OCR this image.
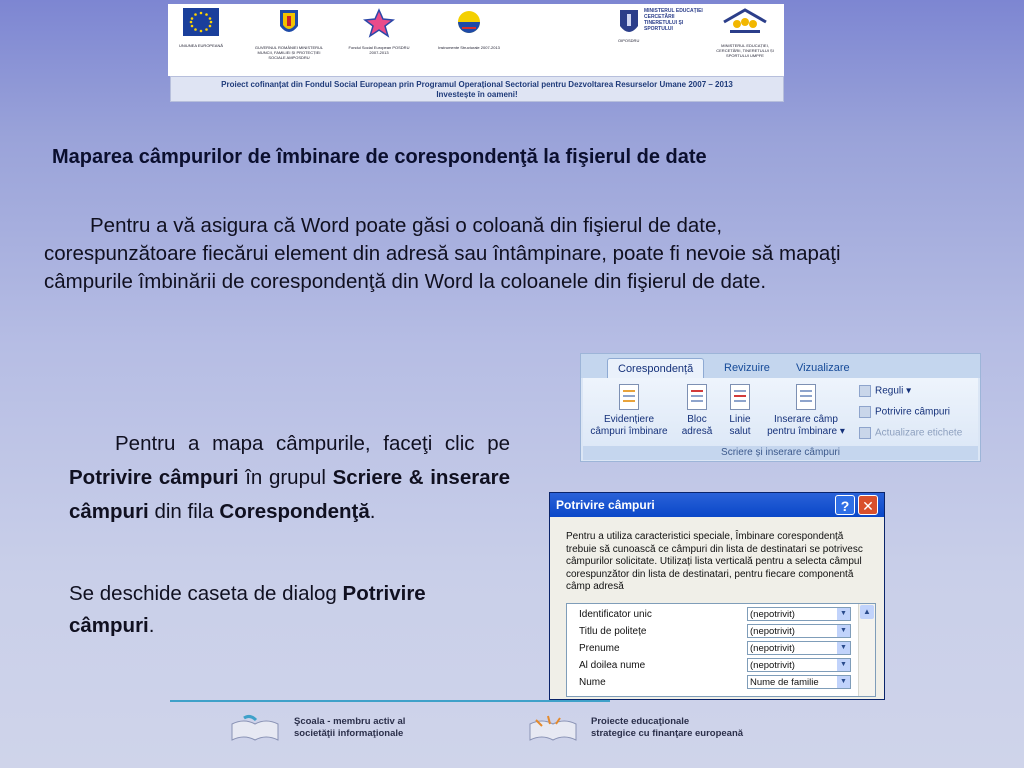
UNIUNEA EUROPEANĂ	GUVERNUL ROMÂNIEI MINISTERUL MUNCII, FAMILIEI ȘI PROTECȚIEI SOCIALE AMPOSDRU
Fondul Social European POSDRU 2007-2013
Instrumente Structurale 2007-2013
MINISTERUL EDUCAȚIEI CERCETĂRII TINERETULUI ȘI SPORTULUI
OIPOSDRU
MINISTERUL EDUCAȚIEI, CERCETĂRII, TINERETULUI ȘI SPORTULUI UMPFE
Proiect cofinanțat din Fondul Social European prin Programul Operațional Sectorial pentru Dezvoltarea Resurselor Umane 2007 – 2013
Investește în oameni!
Maparea câmpurilor de îmbinare de corespondenţă la fişierul de date
Pentru a vă asigura că Word poate găsi o coloană din fişierul de date, corespunzătoare fiecărui element din adresă sau întâmpinare, poate fi nevoie să mapaţi câmpurile îmbinării de corespondenţă din Word la coloanele din fişierul de date.
Pentru a mapa câmpurile, faceţi clic pe Potrivire câmpuri în grupul Scriere & inserare câmpuri din fila Corespondenţă.
Se deschide caseta de dialog Potrivire câmpuri.
Corespondență	Revizuire Vizualizare
Evidențiere
câmpuri îmbinare
Bloc
adresă
Linie
salut
Inserare câmp
pentru îmbinare ▾
Reguli ▾
Potrivire câmpuri
Actualizare etichete
Scriere și inserare câmpuri
Potrivire câmpuri	? ✕
Pentru a utiliza caracteristici speciale, Îmbinare corespondență trebuie să cunoască ce câmpuri din lista de destinatari se potrivesc câmpurilor solicitate. Utilizați lista verticală pentru a selecta câmpul corespunzător din lista de destinatari, pentru fiecare componentă câmp adresă
Identificator unic	(nepotrivit)	▼
Titlu de politețe	(nepotrivit)	▼
Prenume	(nepotrivit)	▼
Al doilea nume	(nepotrivit)	▼
Nume	Nume de familie	▼
▲
Şcoala - membru activ al
societăţii informaţionale
Proiecte educaţionale
strategice cu finanţare europeană
